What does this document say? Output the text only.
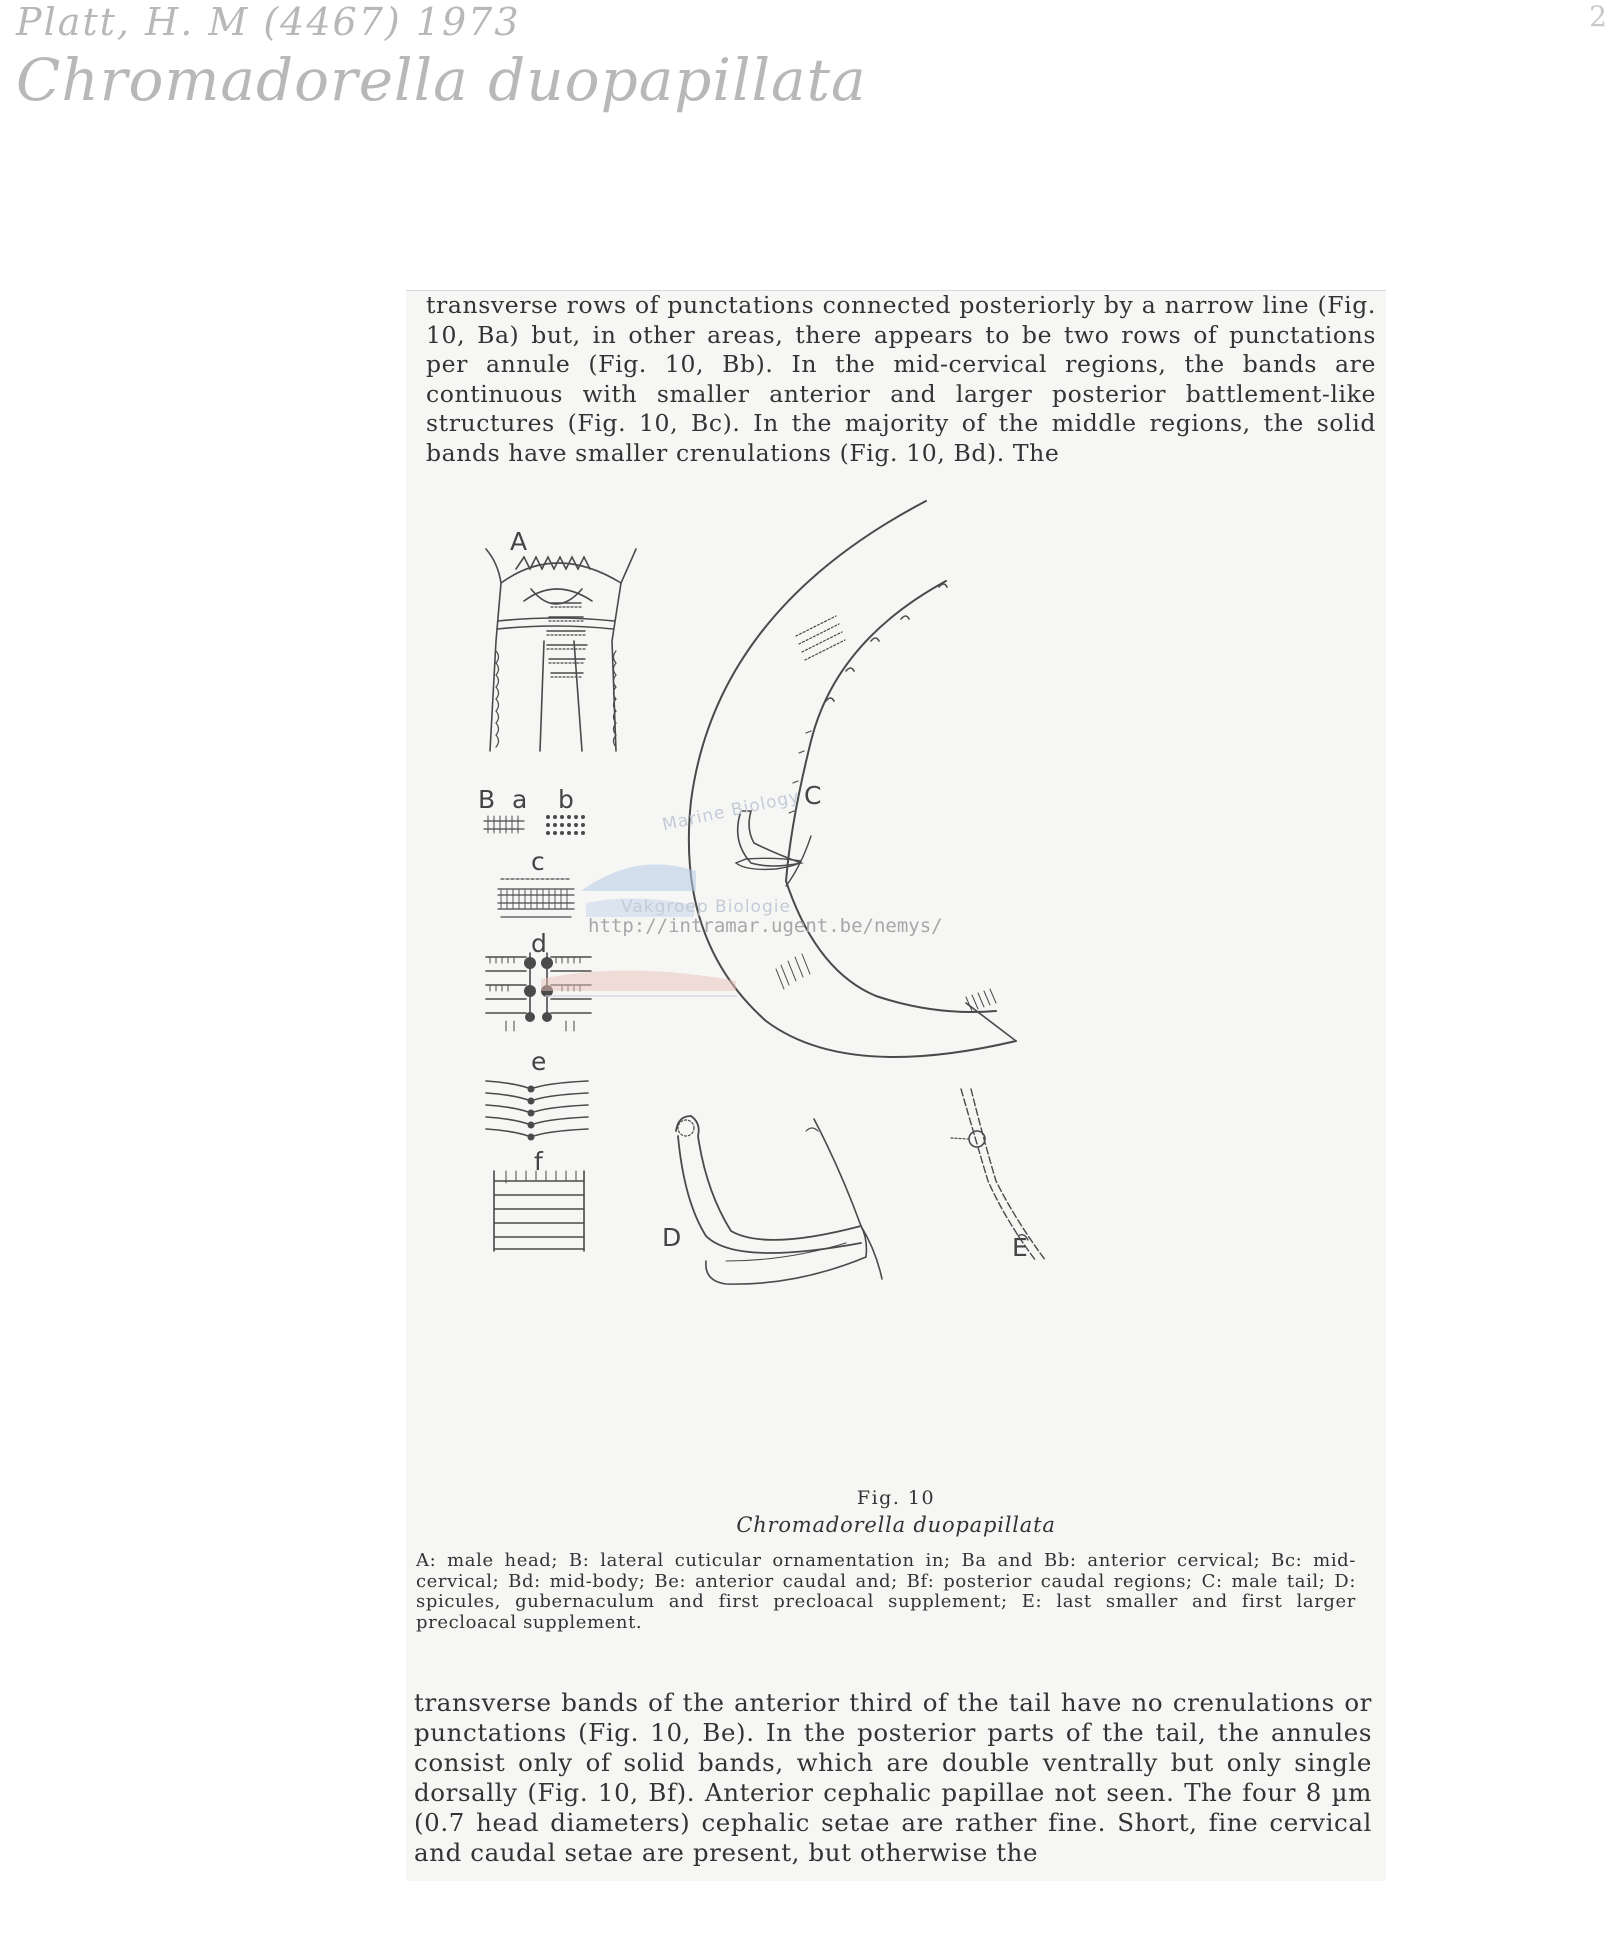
Platt, H. M (4467) 1973
Chromadorella duopapillata
2

transverse rows of punctations connected posteriorly by a narrow line (Fig. 10, Ba) but, in other areas, there appears to be two rows of punctations per annule (Fig. 10, Bb). In the mid-cervical regions, the bands are continuous with smaller anterior and larger posterior battlement-like structures (Fig. 10, Bc). In the majority of the middle regions, the solid bands have smaller crenulations (Fig. 10, Bd). The

A
B a b
c
d
e
f
C
D	E
Marine Biology
Vakgroep Biologie
http://intramar.ugent.be/nemys/
Fig. 10
Chromadorella duopapillata

A: male head; B: lateral cuticular ornamentation in; Ba and Bb: anterior cervical; Bc: mid-cervical; Bd: mid-body; Be: anterior caudal and; Bf: posterior caudal regions; C: male tail; D: spicules, gubernaculum and first precloacal supplement; E: last smaller and first larger precloacal supplement.

transverse bands of the anterior third of the tail have no crenulations or punctations (Fig. 10, Be). In the posterior parts of the tail, the annules consist only of solid bands, which are double ventrally but only single dorsally (Fig. 10, Bf). Anterior cephalic papillae not seen. The four 8 µm (0.7 head diameters) cephalic setae are rather fine. Short, fine cervical and caudal setae are present, but otherwise the
